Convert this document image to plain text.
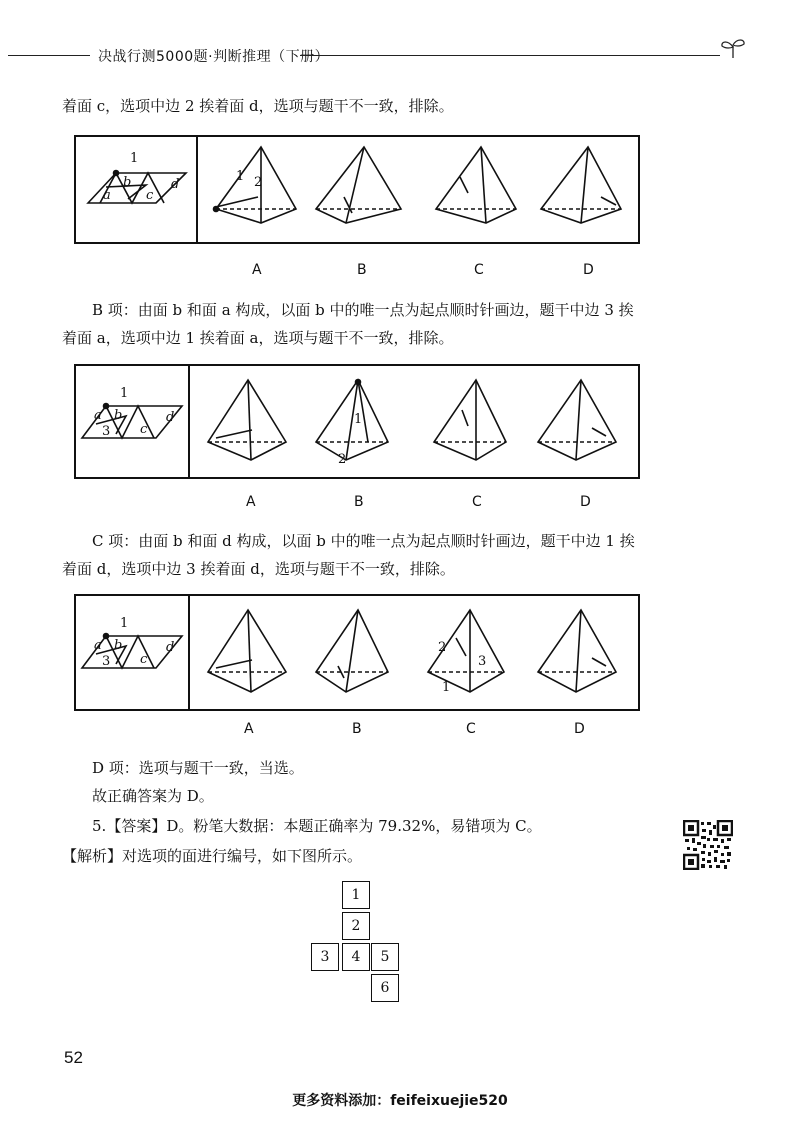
决战行测5000题·判断推理（下册）
着面 c，选项中边 2 挨着面 d，选项与题干不一致，排除。
a
b
c
d
1
1 2
A	B	C	D
B 项：由面 b 和面 a 构成，以面 b 中的唯一点为起点顺时针画边，题干中边 3 挨
着面 a，选项中边 1 挨着面 a，选项与题干不一致，排除。
a b
c
d
1
3
1
2
A	B	C	D
C 项：由面 b 和面 d 构成，以面 b 中的唯一点为起点顺时针画边，题干中边 1 挨
着面 d，选项中边 3 挨着面 d，选项与题干不一致，排除。
a b
c
d
1
3
2
3
1
A	B	C	D
D 项：选项与题干一致，当选。
故正确答案为 D。
5.【答案】D。粉笔大数据：本题正确率为 79.32%，易错项为 C。
【解析】对选项的面进行编号，如下图所示。
1
2
3	4	5
6
52
更多资料添加：feifeixuejie520
